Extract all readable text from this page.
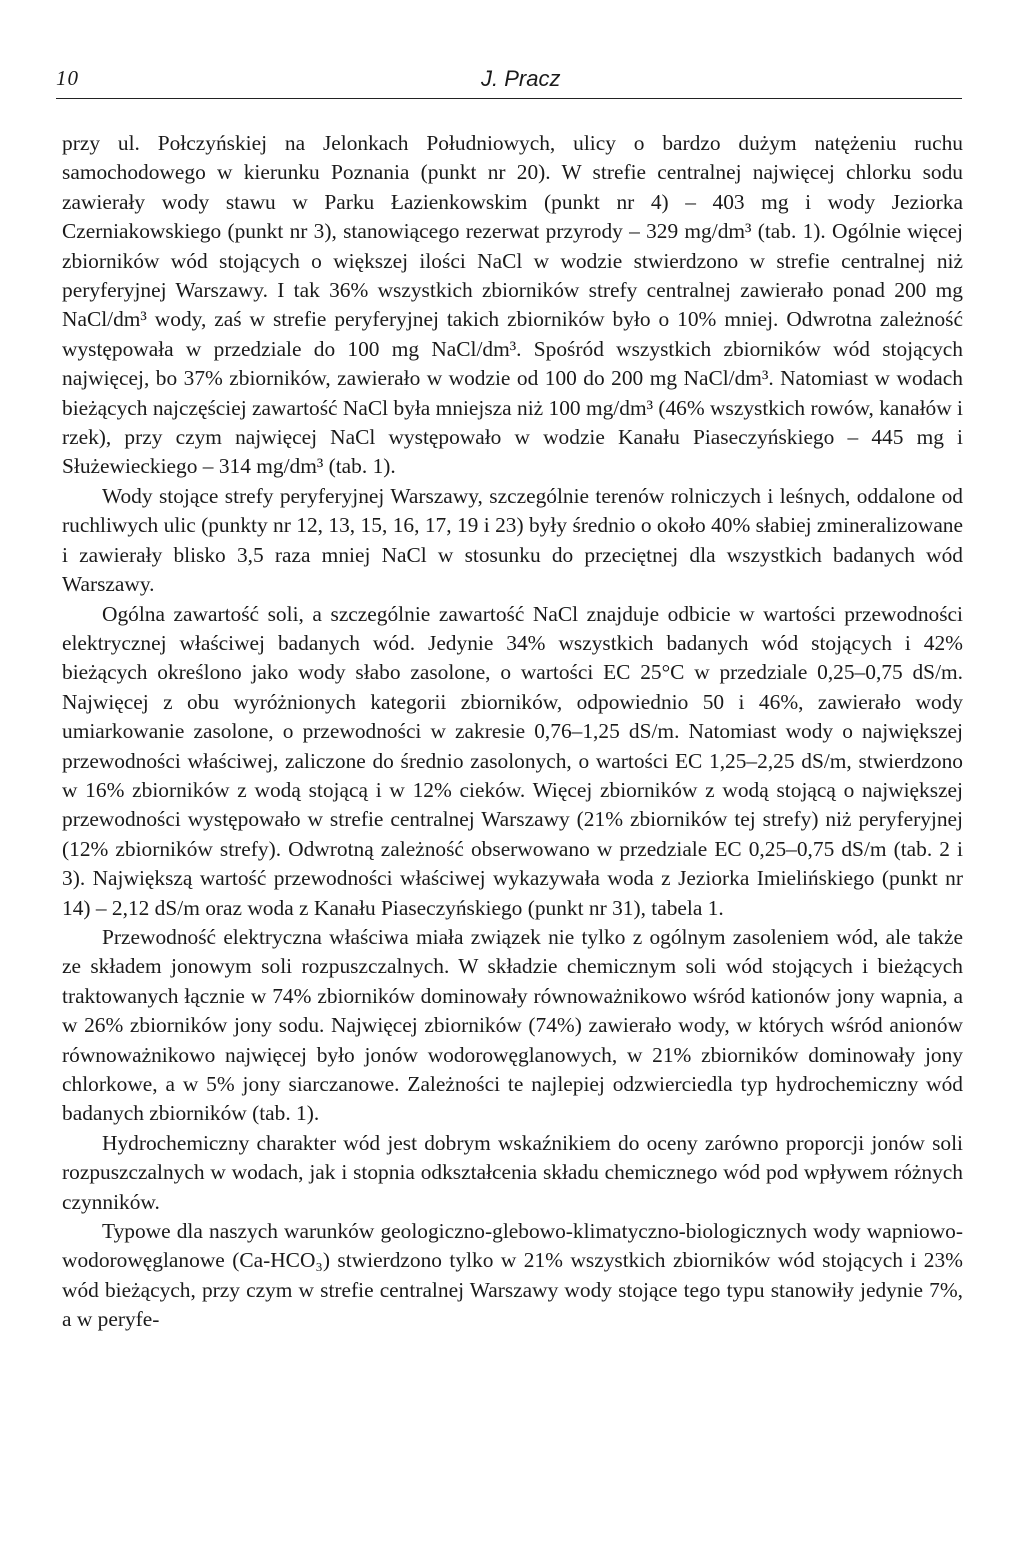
10	J. Pracz

przy ul. Połczyńskiej na Jelonkach Południowych, ulicy o bardzo dużym natężeniu ruchu samochodowego w kierunku Poznania (punkt nr 20). W strefie centralnej najwięcej chlorku sodu zawierały wody stawu w Parku Łazienkowskim (punkt nr 4) – 403 mg i wody Jeziorka Czerniakowskiego (punkt nr 3), stanowiącego rezerwat przyrody – 329 mg/dm³ (tab. 1). Ogólnie więcej zbiorników wód stojących o większej ilości NaCl w wodzie stwierdzono w strefie centralnej niż peryferyjnej Warszawy. I tak 36% wszystkich zbiorników strefy centralnej zawierało ponad 200 mg NaCl/dm³ wody, zaś w strefie peryferyjnej takich zbiorników było o 10% mniej. Odwrotna zależność występowała w przedziale do 100 mg NaCl/dm³. Spośród wszystkich zbiorników wód stojących najwięcej, bo 37% zbiorników, zawierało w wodzie od 100 do 200 mg NaCl/dm³. Natomiast w wodach bieżących najczęściej zawartość NaCl była mniejsza niż 100 mg/dm³ (46% wszystkich rowów, kanałów i rzek), przy czym najwięcej NaCl występowało w wodzie Kanału Piaseczyńskiego – 445 mg i Służewieckiego – 314 mg/dm³ (tab. 1).

Wody stojące strefy peryferyjnej Warszawy, szczególnie terenów rolniczych i leśnych, oddalone od ruchliwych ulic (punkty nr 12, 13, 15, 16, 17, 19 i 23) były średnio o około 40% słabiej zmineralizowane i zawierały blisko 3,5 raza mniej NaCl w stosunku do przeciętnej dla wszystkich badanych wód Warszawy.

Ogólna zawartość soli, a szczególnie zawartość NaCl znajduje odbicie w wartości przewodności elektrycznej właściwej badanych wód. Jedynie 34% wszystkich badanych wód stojących i 42% bieżących określono jako wody słabo zasolone, o wartości EC 25°C w przedziale 0,25–0,75 dS/m. Najwięcej z obu wyróżnionych kategorii zbiorników, odpowiednio 50 i 46%, zawierało wody umiarkowanie zasolone, o przewodności w zakresie 0,76–1,25 dS/m. Natomiast wody o największej przewodności właściwej, zaliczone do średnio zasolonych, o wartości EC 1,25–2,25 dS/m, stwierdzono w 16% zbiorników z wodą stojącą i w 12% cieków. Więcej zbiorników z wodą stojącą o największej przewodności występowało w strefie centralnej Warszawy (21% zbiorników tej strefy) niż peryferyjnej (12% zbiorników strefy). Odwrotną zależność obserwowano w przedziale EC 0,25–0,75 dS/m (tab. 2 i 3). Największą wartość przewodności właściwej wykazywała woda z Jeziorka Imielińskiego (punkt nr 14) – 2,12 dS/m oraz woda z Kanału Piaseczyńskiego (punkt nr 31), tabela 1.

Przewodność elektryczna właściwa miała związek nie tylko z ogólnym zasoleniem wód, ale także ze składem jonowym soli rozpuszczalnych. W składzie chemicznym soli wód stojących i bieżących traktowanych łącznie w 74% zbiorników dominowały równoważnikowo wśród kationów jony wapnia, a w 26% zbiorników jony sodu. Najwięcej zbiorników (74%) zawierało wody, w których wśród anionów równoważnikowo najwięcej było jonów wodorowęglanowych, w 21% zbiorników dominowały jony chlorkowe, a w 5% jony siarczanowe. Zależności te najlepiej odzwierciedla typ hydrochemiczny wód badanych zbiorników (tab. 1).

Hydrochemiczny charakter wód jest dobrym wskaźnikiem do oceny zarówno proporcji jonów soli rozpuszczalnych w wodach, jak i stopnia odkształcenia składu chemicznego wód pod wpływem różnych czynników.

Typowe dla naszych warunków geologiczno-glebowo-klimatyczno-biologicznych wody wapniowo-wodorowęglanowe (Ca-HCO₃) stwierdzono tylko w 21% wszystkich zbiorników wód stojących i 23% wód bieżących, przy czym w strefie centralnej Warszawy wody stojące tego typu stanowiły jedynie 7%, a w peryfe-
